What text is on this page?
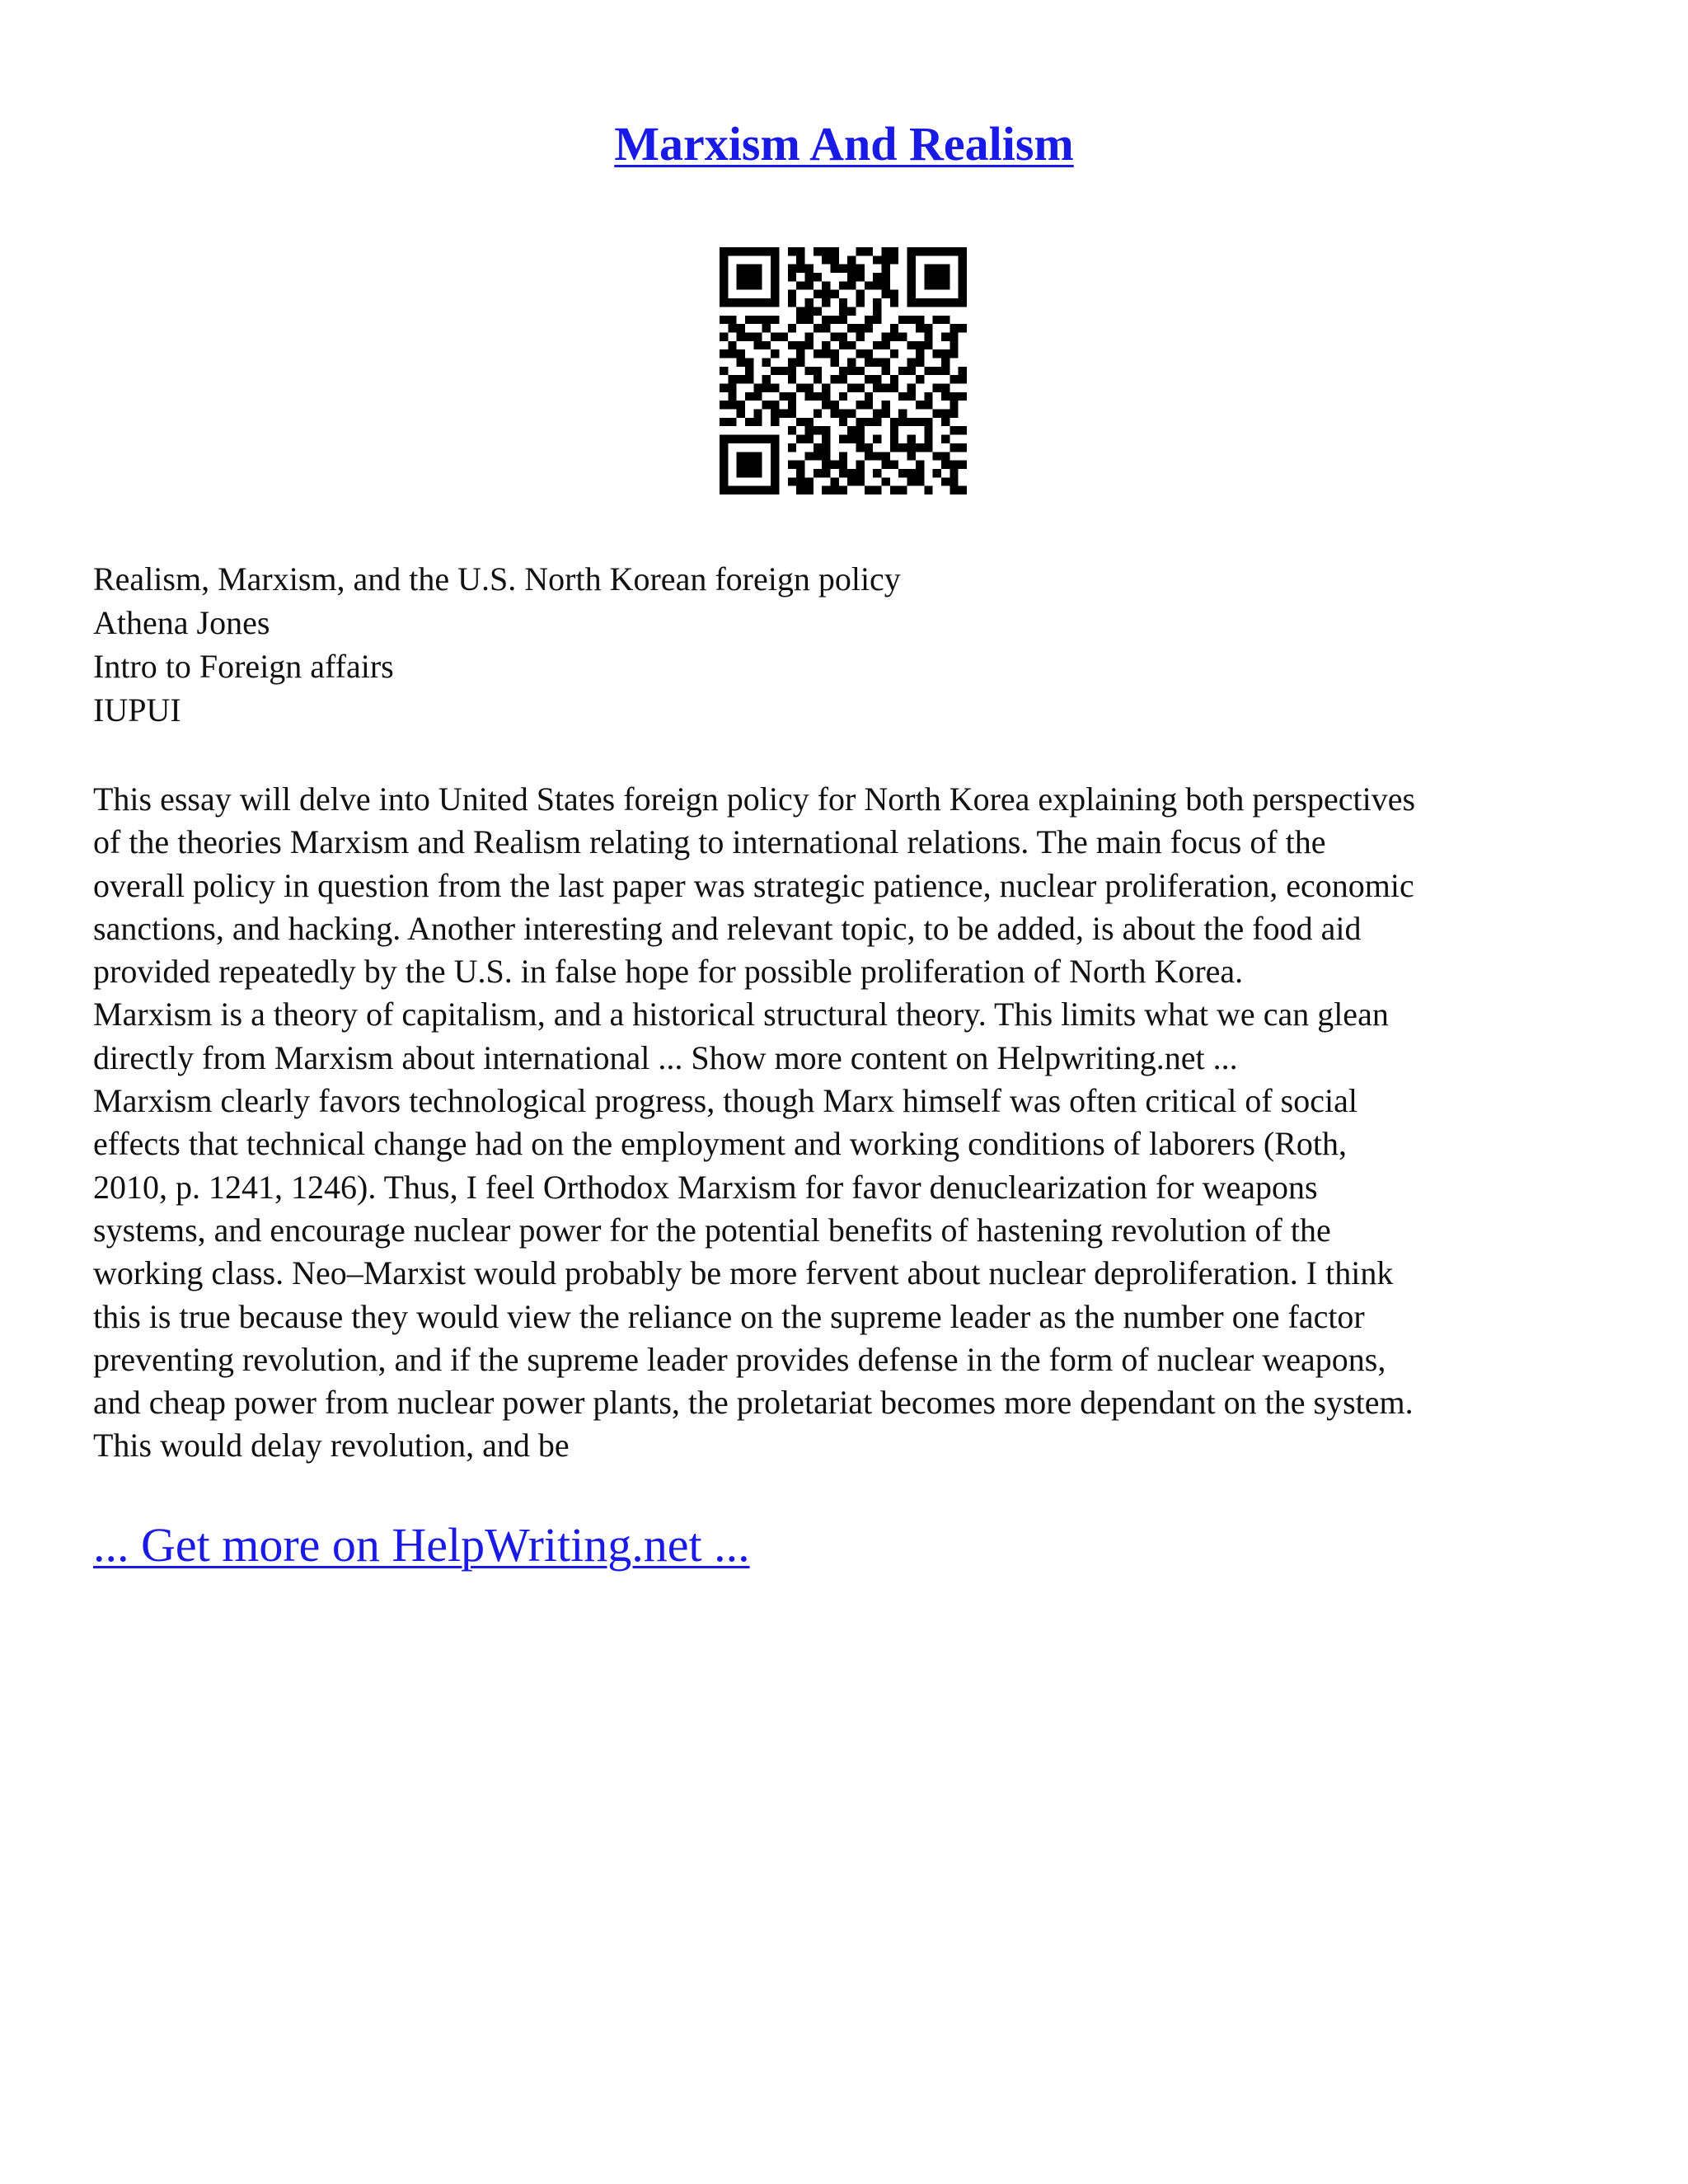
Marxism And Realism
Realism, Marxism, and the U.S. North Korean foreign policy
Athena Jones
Intro to Foreign affairs
IUPUI
This essay will delve into United States foreign policy for North Korea explaining both perspectives
of the theories Marxism and Realism relating to international relations. The main focus of the
overall policy in question from the last paper was strategic patience, nuclear proliferation, economic
sanctions, and hacking. Another interesting and relevant topic, to be added, is about the food aid
provided repeatedly by the U.S. in false hope for possible proliferation of North Korea.
Marxism is a theory of capitalism, and a historical structural theory. This limits what we can glean
directly from Marxism about international ... Show more content on Helpwriting.net ...
Marxism clearly favors technological progress, though Marx himself was often critical of social
effects that technical change had on the employment and working conditions of laborers (Roth,
2010, p. 1241, 1246). Thus, I feel Orthodox Marxism for favor denuclearization for weapons
systems, and encourage nuclear power for the potential benefits of hastening revolution of the
working class. Neo–Marxist would probably be more fervent about nuclear deproliferation. I think
this is true because they would view the reliance on the supreme leader as the number one factor
preventing revolution, and if the supreme leader provides defense in the form of nuclear weapons,
and cheap power from nuclear power plants, the proletariat becomes more dependant on the system.
This would delay revolution, and be
... Get more on HelpWriting.net ...
